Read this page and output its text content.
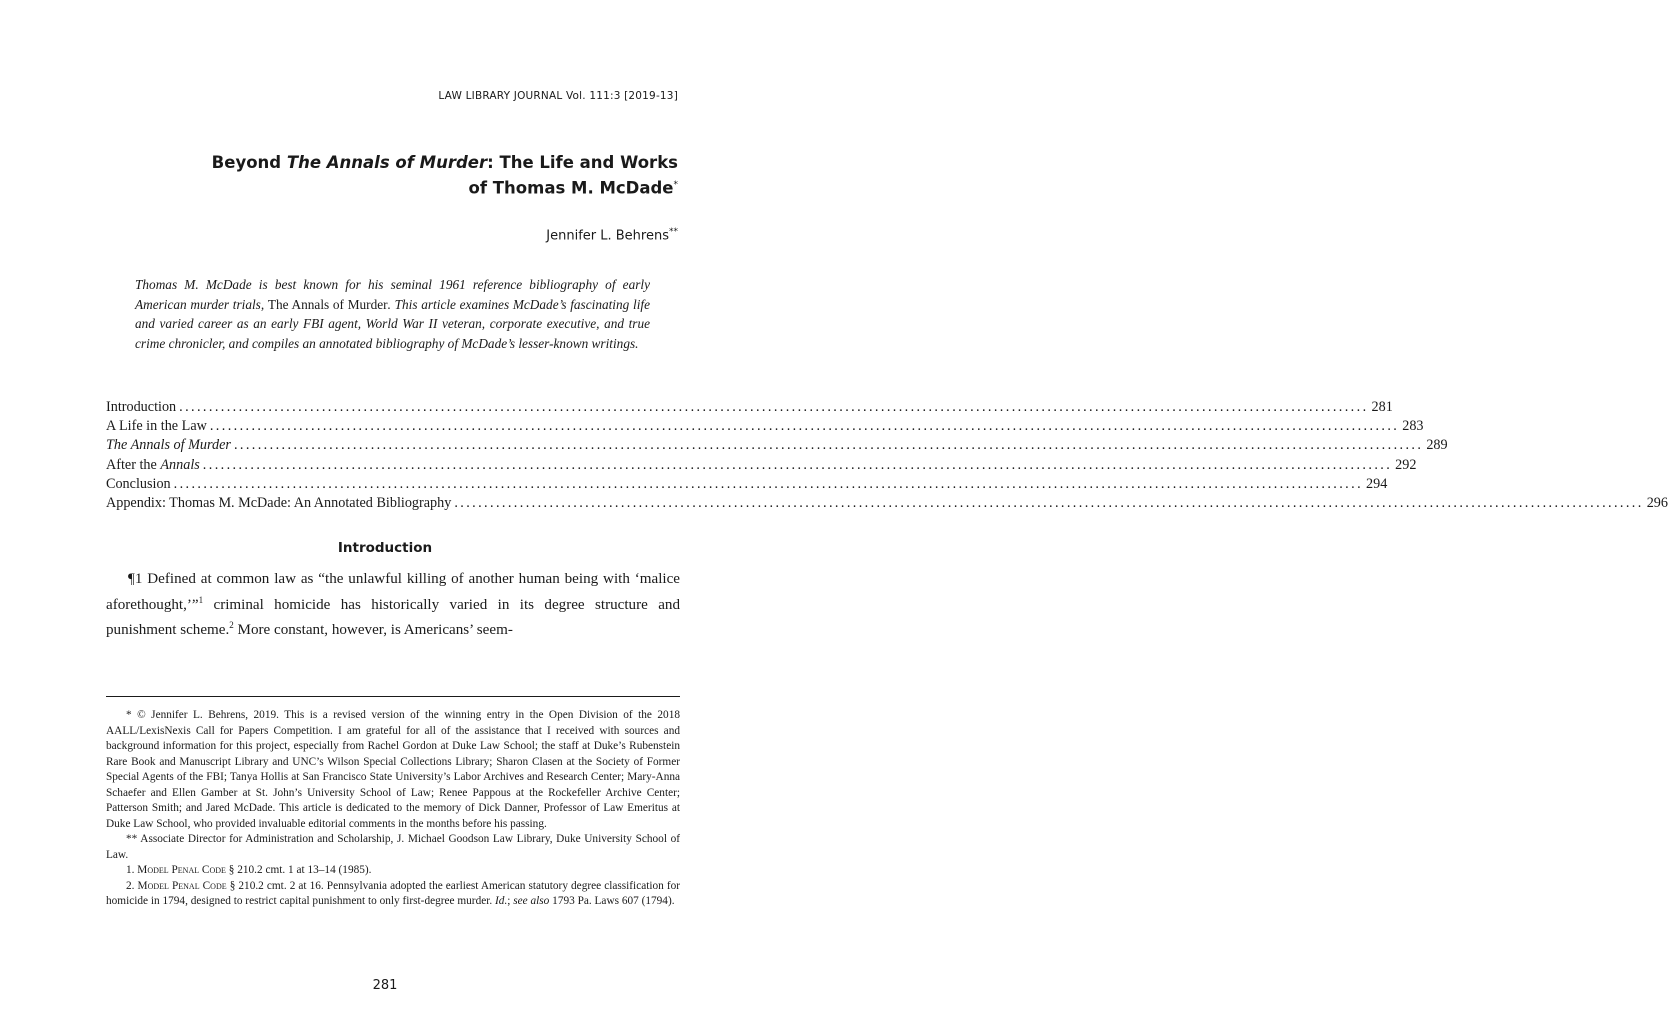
LAW LIBRARY JOURNAL Vol. 111:3 [2019-13]
Beyond The Annals of Murder: The Life and Works
of Thomas M. McDade*
Jennifer L. Behrens**
Thomas M. McDade is best known for his seminal 1961 reference bibliography of early American murder trials, The Annals of Murder. This article examines McDade’s fascinating life and varied career as an early FBI agent, World War II veteran, corporate executive, and true crime chronicler, and compiles an annotated bibliography of McDade’s lesser-known writings.
Introduction ........................................................................................................................................................................................................ 281
A Life in the Law ........................................................................................................................................................................................................ 283
The Annals of Murder ........................................................................................................................................................................................................ 289
After the Annals ........................................................................................................................................................................................................ 292
Conclusion ........................................................................................................................................................................................................ 294
Appendix: Thomas M. McDade: An Annotated Bibliography ........................................................................................................................................................................................................ 296
Introduction

¶1 Defined at common law as “the unlawful killing of another human being with ‘malice aforethought,’”$^1$ criminal homicide has historically varied in its degree structure and punishment scheme.$^2$ More constant, however, is Americans’ seem-

* © Jennifer L. Behrens, 2019. This is a revised version of the winning entry in the Open Division of the 2018 AALL/LexisNexis Call for Papers Competition. I am grateful for all of the assistance that I received with sources and background information for this project, especially from Rachel Gordon at Duke Law School; the staff at Duke’s Rubenstein Rare Book and Manuscript Library and UNC’s Wilson Special Collections Library; Sharon Clasen at the Society of Former Special Agents of the FBI; Tanya Hollis at San Francisco State University’s Labor Archives and Research Center; Mary-Anna Schaefer and Ellen Gamber at St. John’s University School of Law; Renee Pappous at the Rockefeller Archive Center; Patterson Smith; and Jared McDade. This article is dedicated to the memory of Dick Danner, Professor of Law Emeritus at Duke Law School, who provided invaluable editorial comments in the months before his passing.

** Associate Director for Administration and Scholarship, J. Michael Goodson Law Library, Duke University School of Law.

1. Model Penal Code § 210.2 cmt. 1 at 13–14 (1985).

2. Model Penal Code § 210.2 cmt. 2 at 16. Pennsylvania adopted the earliest American statutory degree classification for homicide in 1794, designed to restrict capital punishment to only first-degree murder. Id.; see also 1793 Pa. Laws 607 (1794).

281
